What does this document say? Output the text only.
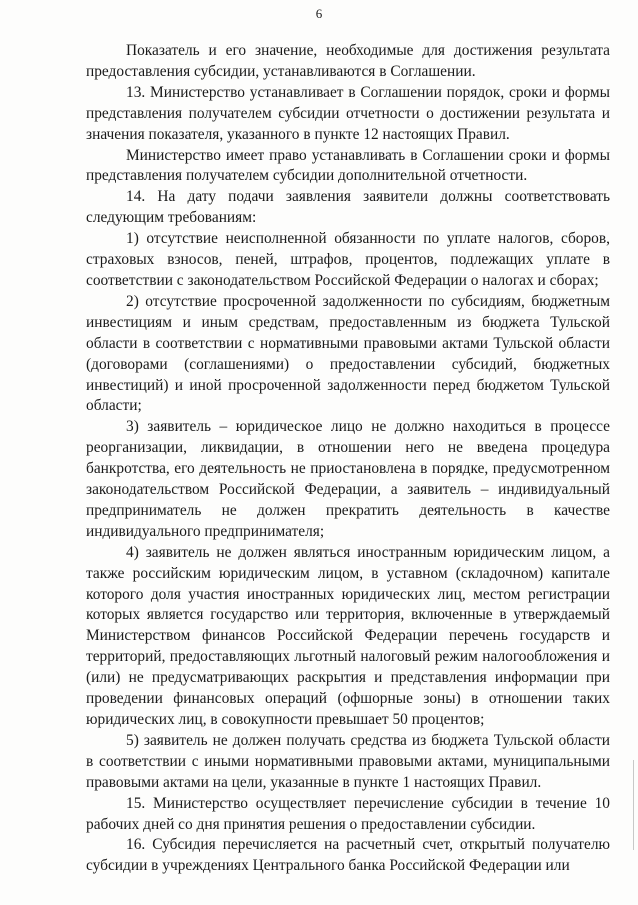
6

Показатель и его значение, необходимые для достижения результата предоставления субсидии, устанавливаются в Соглашении.

13. Министерство устанавливает в Соглашении порядок, сроки и формы представления получателем субсидии отчетности о достижении результата и значения показателя, указанного в пункте 12 настоящих Правил.

Министерство имеет право устанавливать в Соглашении сроки и формы представления получателем субсидии дополнительной отчетности.

14. На дату подачи заявления заявители должны соответствовать следующим требованиям:

1) отсутствие неисполненной обязанности по уплате налогов, сборов, страховых взносов, пеней, штрафов, процентов, подлежащих уплате в соответствии с законодательством Российской Федерации о налогах и сборах;

2) отсутствие просроченной задолженности по субсидиям, бюджетным инвестициям и иным средствам, предоставленным из бюджета Тульской области в соответствии с нормативными правовыми актами Тульской области (договорами (соглашениями) о предоставлении субсидий, бюджетных инвестиций) и иной просроченной задолженности перед бюджетом Тульской области;

3) заявитель – юридическое лицо не должно находиться в процессе реорганизации, ликвидации, в отношении него не введена процедура банкротства, его деятельность не приостановлена в порядке, предусмотренном законодательством Российской Федерации, а заявитель – индивидуальный предприниматель не должен прекратить деятельность в качестве индивидуального предпринимателя;

4) заявитель не должен являться иностранным юридическим лицом, а также российским юридическим лицом, в уставном (складочном) капитале которого доля участия иностранных юридических лиц, местом регистрации которых является государство или территория, включенные в утверждаемый Министерством финансов Российской Федерации перечень государств и территорий, предоставляющих льготный налоговый режим налогообложения и (или) не предусматривающих раскрытия и представления информации при проведении финансовых операций (офшорные зоны) в отношении таких юридических лиц, в совокупности превышает 50 процентов;

5) заявитель не должен получать средства из бюджета Тульской области в соответствии с иными нормативными правовыми актами, муниципальными правовыми актами на цели, указанные в пункте 1 настоящих Правил.

15. Министерство осуществляет перечисление субсидии в течение 10 рабочих дней со дня принятия решения о предоставлении субсидии.

16. Субсидия перечисляется на расчетный счет, открытый получателю субсидии в учреждениях Центрального банка Российской Федерации или
